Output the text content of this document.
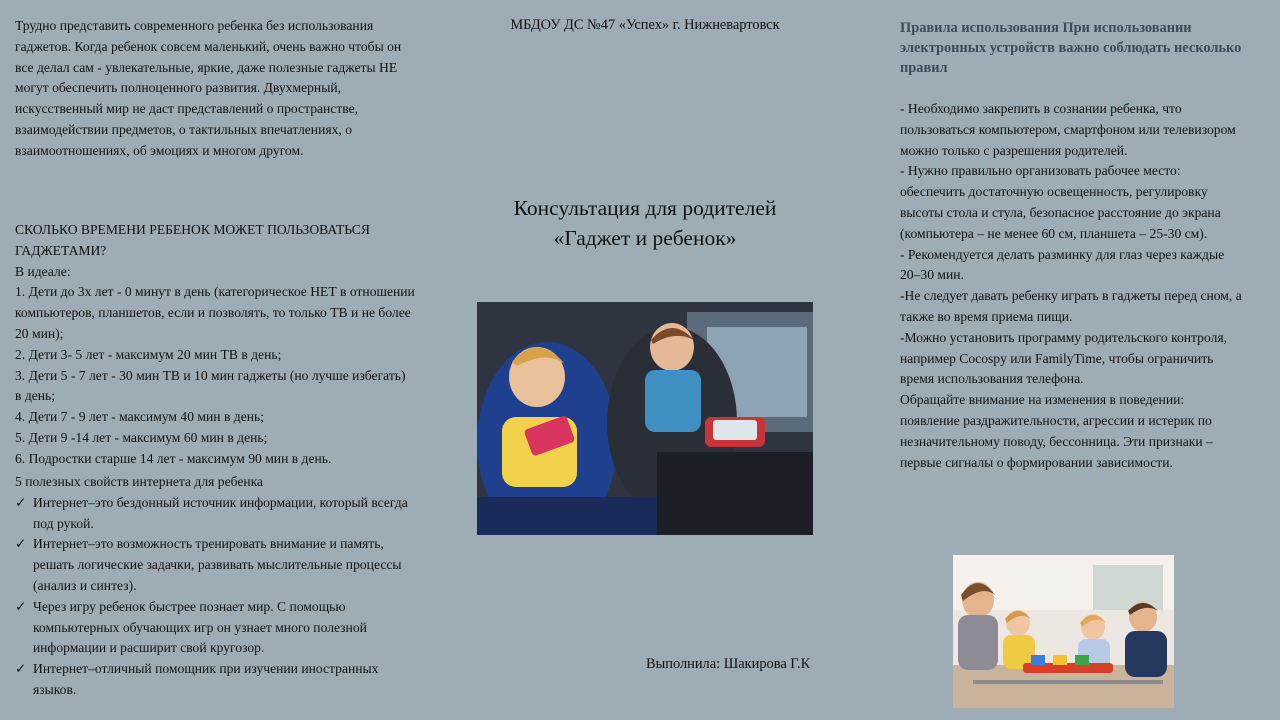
Трудно представить современного ребенка без использования гаджетов. Когда ребенок совсем маленький, очень важно чтобы он все делал сам - увлекательные, яркие, даже полезные гаджеты НЕ могут обеспечить полноценного развития. Двухмерный, искусственный мир не даст представлений о пространстве, взаимодействии предметов, о тактильных впечатлениях, о взаимоотношениях, об эмоциях и многом другом.

СКОЛЬКО ВРЕМЕНИ РЕБЕНОК МОЖЕТ ПОЛЬЗОВАТЬСЯ ГАДЖЕТАМИ?

В идеале:

1. Дети до 3х лет - 0 минут в день (категорическое НЕТ в отношении компьютеров, планшетов, если и позволять, то только ТВ и не более 20 мин);

2. Дети 3- 5 лет - максимум 20 мин ТВ в день;

3. Дети 5 - 7 лет - 30 мин ТВ и 10 мин гаджеты (но лучше избегать) в день;

4. Дети 7 - 9 лет - максимум 40 мин в день;

5. Дети 9 -14 лет - максимум 60 мин в день;

6. Подростки старше 14 лет - максимум 90 мин в день.

5 полезных свойств интернета для ребенка

✓ Интернет–это бездонный источник информации, который всегда под рукой.
✓ Интернет–это возможность тренировать внимание и память, решать логические задачки, развивать мыслительные процессы (анализ и синтез).
✓ Через игру ребенок быстрее познает мир. С помощью компьютерных обучающих игр он узнает много полезной информации и расширит свой кругозор.
✓ Интернет–отличный помощник при изучении иностранных языков.
МБДОУ ДС №47 «Успех» г. Нижневартовск
Консультация для родителей
«Гаджет и ребенок»
Выполнила: Шакирова Г.К
Правила использования При использовании электронных устройств важно соблюдать несколько правил

- Необходимо закрепить в сознании ребенка, что пользоваться компьютером, смартфоном или телевизором можно только с разрешения родителей.

- Нужно правильно организовать рабочее место: обеспечить достаточную освещенность, регулировку высоты стола и стула, безопасное расстояние до экрана (компьютера – не менее 60 см, планшета – 25-30 см).

- Рекомендуется делать разминку для глаз через каждые 20–30 мин.

-Не следует давать ребенку играть в гаджеты перед сном, а также во время приема пищи.

-Можно установить программу родительского контроля, например Cocospy или FamilyTime, чтобы ограничить время использования телефона.

Обращайте внимание на изменения в поведении: появление раздражительности, агрессии и истерик по незначительному поводу, бессонница. Эти признаки – первые сигналы о формировании зависимости.
